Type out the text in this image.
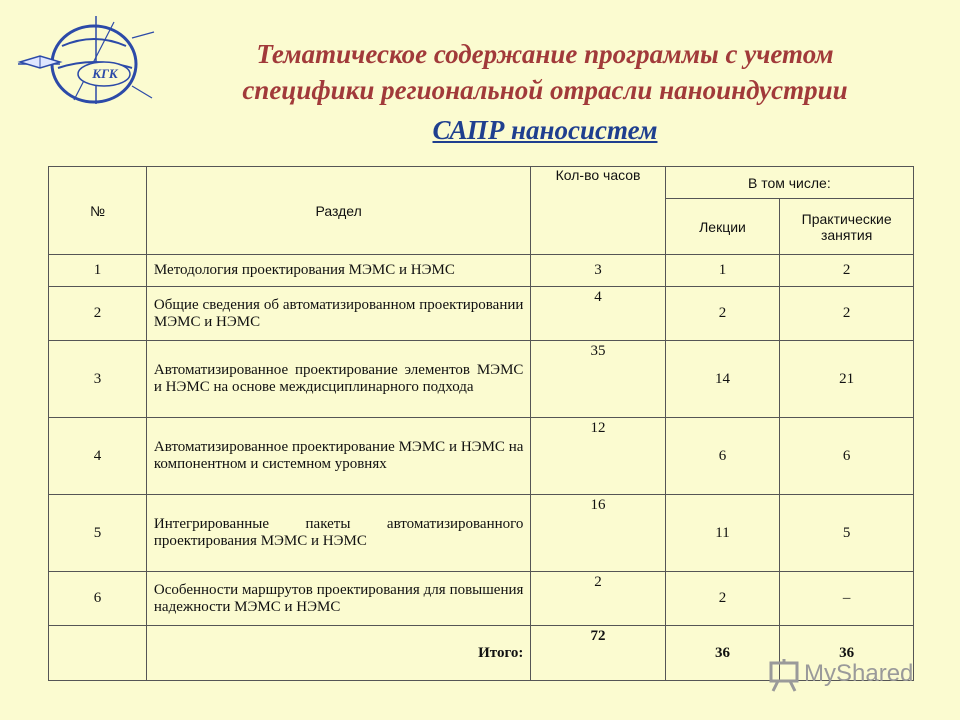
КГК
Тематическое содержание программы с учетом
специфики региональной отрасли наноиндустрии
САПР наносистем
№	Раздел	Кол-во часов	В том числе:	
			Лекции	Практические занятия
1	Методология проектирования МЭМС и НЭМС	3	1	2
2	Общие сведения об автоматизированном проектировании МЭМС и НЭМС	4	2	2
3	Автоматизированное проектирование элементов МЭМС и НЭМС на основе междисциплинарного подхода	35	14	21
4	Автоматизированное проектирование МЭМС и НЭМС на компонентном и системном уровнях	12	6	6
5	Интегрированные пакеты автоматизированного проектирования МЭМС и НЭМС	16	11	5
6	Особенности маршрутов проектирования для повышения надежности МЭМС и НЭМС	2	2	–
	Итого:	72	36	36
MyShared
